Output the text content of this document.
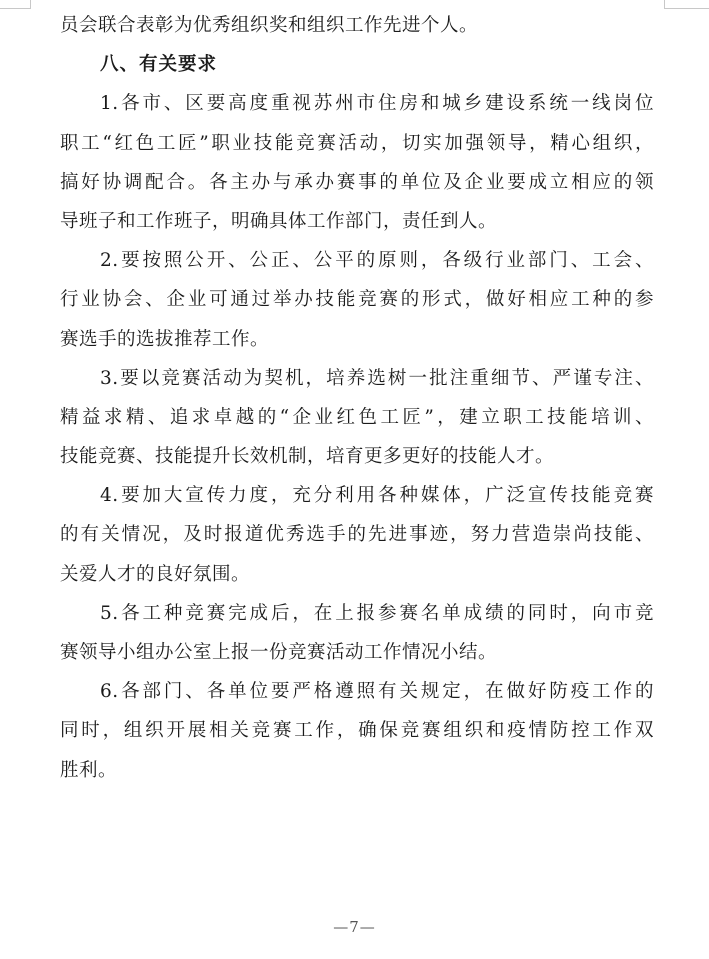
员会联合表彰为优秀组织奖和组织工作先进个人。
八、有关要求
1.各市、区要高度重视苏州市住房和城乡建设系统一线岗位
职工“红色工匠”职业技能竞赛活动，切实加强领导，精心组织，
搞好协调配合。各主办与承办赛事的单位及企业要成立相应的领
导班子和工作班子，明确具体工作部门，责任到人。
2.要按照公开、公正、公平的原则，各级行业部门、工会、
行业协会、企业可通过举办技能竞赛的形式，做好相应工种的参
赛选手的选拔推荐工作。
3.要以竞赛活动为契机，培养选树一批注重细节、严谨专注、
精益求精、追求卓越的“企业红色工匠”，建立职工技能培训、
技能竞赛、技能提升长效机制，培育更多更好的技能人才。
4.要加大宣传力度，充分利用各种媒体，广泛宣传技能竞赛
的有关情况，及时报道优秀选手的先进事迹，努力营造崇尚技能、
关爱人才的良好氛围。
5.各工种竞赛完成后，在上报参赛名单成绩的同时，向市竞
赛领导小组办公室上报一份竞赛活动工作情况小结。
6.各部门、各单位要严格遵照有关规定，在做好防疫工作的
同时，组织开展相关竞赛工作，确保竞赛组织和疫情防控工作双
胜利。
—7—
